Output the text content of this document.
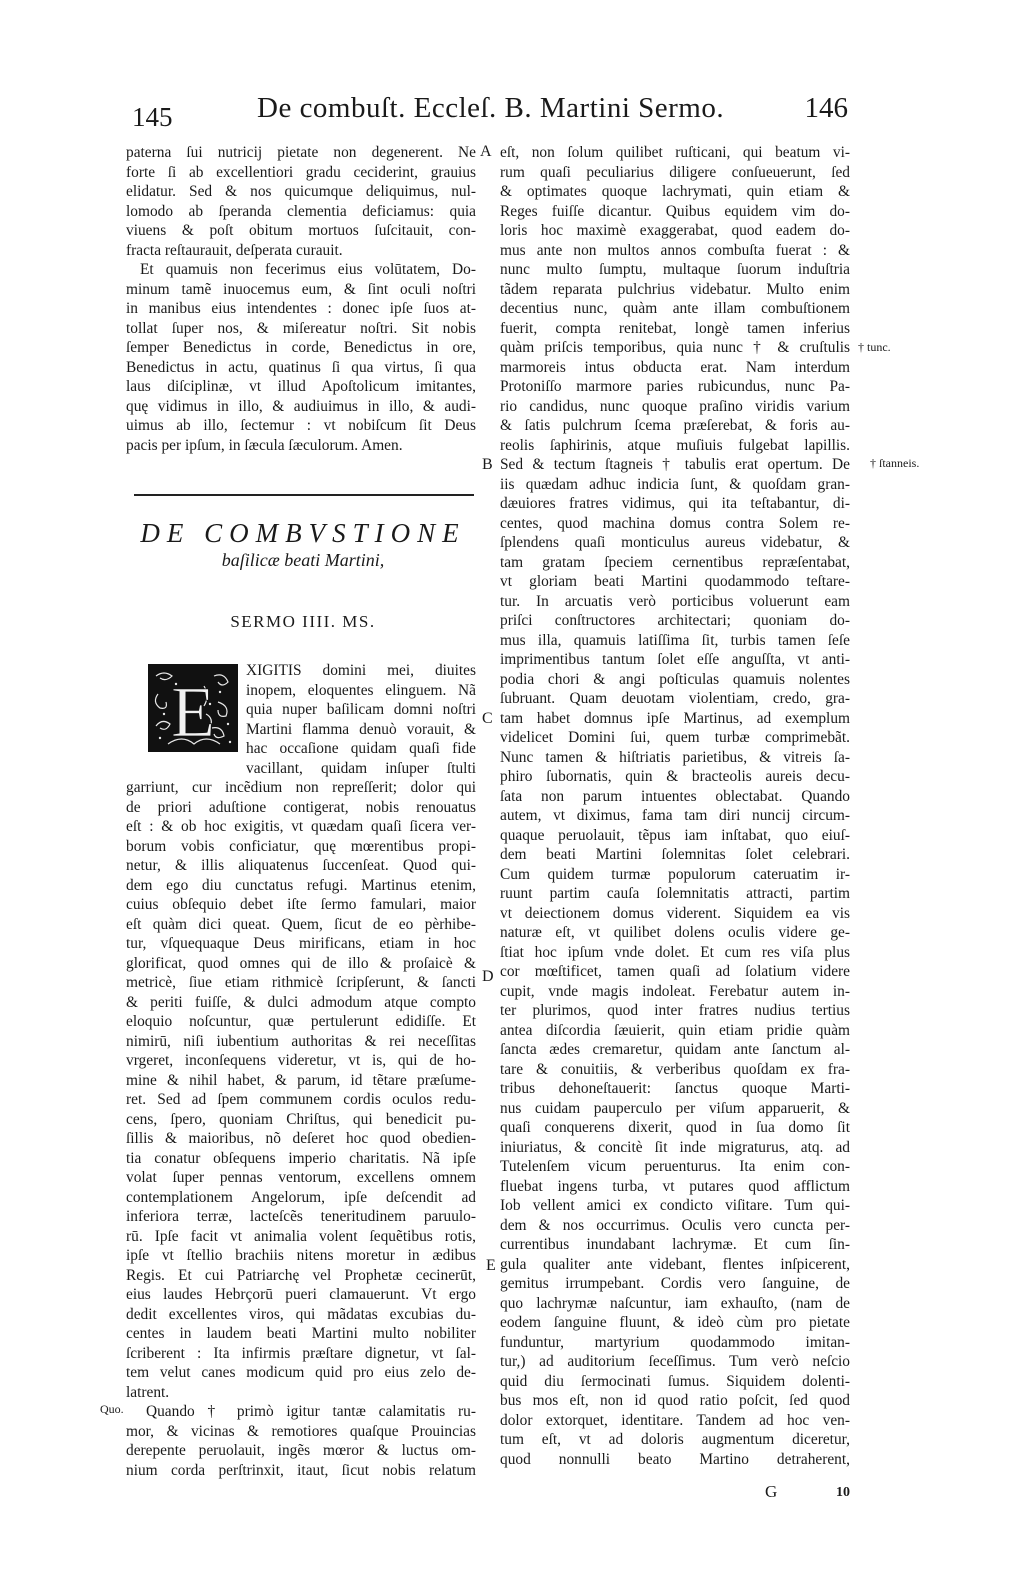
145	De combuſt. Eccleſ. B. Martini Sermo.	146
paterna ſui nutricij pietate non degenerent. Ne
forte ſi ab excellentiori gradu ceciderint, grauius
elidatur. Sed & nos quicumque deliquimus, nul-
lomodo ab ſperanda clementia deficiamus: quia
viuens & poſt obitum mortuos ſuſcitauit, con-
fracta reſtaurauit, deſperata curauit.
Et quamuis non fecerimus eius volūtatem, Do-
minum tamẽ inuocemus eum, & ſint oculi noſtri
in manibus eius intendentes : donec ipſe ſuos at-
tollat ſuper nos, & miſereatur noſtri. Sit nobis
ſemper Benedictus in corde, Benedictus in ore,
Benedictus in actu, quatinus ſi qua virtus, ſi qua
laus diſciplinæ, vt illud Apoſtolicum imitantes,
quę vidimus in illo, & audiuimus in illo, & audi-
uimus ab illo, ſectemur : vt nobiſcum ſit Deus
pacis per ipſum, in ſæcula ſæculorum. Amen.
DE COMBVSTIONE
baſilicæ beati Martini,
SERMO IIII. MS.
E
XIGITIS domini mei, diuites
inopem, eloquentes elinguem. Nã
quia nuper baſilicam domni noſtri
Martini flamma denuò vorauit, &
hac occaſione quidam quaſi fide
vacillant, quidam inſuper ſtulti
garriunt, cur incẽdium non repreſſerit; dolor qui
de priori aduſtione contigerat, nobis renouatus
eſt : & ob hoc exigitis, vt quædam quaſi ſicera ver-
borum vobis conficiatur, quę mœrentibus propi-
netur, & illis aliquatenus ſuccenſeat. Quod qui-
dem ego diu cunctatus refugi. Martinus etenim,
cuius obſequio debet iſte ſermo famulari, maior
eſt quàm dici queat. Quem, ſicut de eo pèrhibe-
tur, vſquequaque Deus mirificans, etiam in hoc
glorificat, quod omnes qui de illo & proſaicè &
metricè, ſiue etiam rithmicè ſcripſerunt, & ſancti
& periti fuiſſe, & dulci admodum atque compto
eloquio noſcuntur, quæ pertulerunt edidiſſe. Et
nimirū, niſi iubentium authoritas & rei neceſſitas
vrgeret, inconſequens videretur, vt is, qui de ho-
mine & nihil habet, & parum, id tẽtare præſume-
ret. Sed ad ſpem communem cordis oculos redu-
cens, ſpero, quoniam Chriſtus, qui benedicit pu-
ſillis & maioribus, nõ deſeret hoc quod obedien-
tia conatur obſequens imperio charitatis. Nã ipſe
volat ſuper pennas ventorum, excellens omnem
contemplationem Angelorum, ipſe deſcendit ad
inferiora terræ, lacteſcẽs teneritudinem paruulo-
rū. Ipſe facit vt animalia volent ſequẽtibus rotis,
ipſe vt ſtellio brachiis nitens moretur in ædibus
Regis. Et cui Patriarchę vel Prophetæ cecinerūt,
eius laudes Hebrçorū pueri clamauerunt. Vt ergo
dedit excellentes viros, qui mãdatas excubias du-
centes in laudem beati Martini multo nobiliter
ſcriberent : Ita infirmis præſtare dignetur, vt ſal-
tem velut canes modicum quid pro eius zelo de-
latrent.
Quando † primò igitur tantæ calamitatis ru-
mor, & vicinas & remotiores quaſque Prouincias
derepente peruolauit, ingẽs mœror & luctus om-
nium corda perſtrinxit, itaut, ſicut nobis relatum
Quo.
eſt, non ſolum quilibet ruſticani, qui beatum vi-
rum quaſi peculiarius diligere conſueuerunt, ſed
& optimates quoque lachrymati, quin etiam &
Reges fuiſſe dicantur. Quibus equidem vim do-
loris hoc maximè exaggerabat, quod eadem do-
mus ante non multos annos combuſta fuerat : &
nunc multo ſumptu, multaque ſuorum induſtria
tãdem reparata pulchrius videbatur. Multo enim
decentius nunc, quàm ante illam combuſtionem
fuerit, compta renitebat, longè tamen inferius
quàm priſcis temporibus, quia nunc † & cruſtulis
marmoreis intus obducta erat. Nam interdum
Protoniſſo marmore paries rubicundus, nunc Pa-
rio candidus, nunc quoque praſino viridis varium
& ſatis pulchrum ſcema præſerebat, & foris au-
reolis ſaphirinis, atque muſiuis fulgebat lapillis.
Sed & tectum ſtagneis † tabulis erat opertum. De
iis quædam adhuc indicia ſunt, & quoſdam gran-
dæuiores fratres vidimus, qui ita teſtabantur, di-
centes, quod machina domus contra Solem re-
ſplendens quaſi monticulus aureus videbatur, &
tam gratam ſpeciem cernentibus repræſentabat,
vt gloriam beati Martini quodammodo teſtare-
tur. In arcuatis verò porticibus voluerunt eam
priſci conſtructores architectari; quoniam do-
mus illa, quamuis latiſſima ſit, turbis tamen ſeſe
imprimentibus tantum ſolet eſſe anguſſta, vt anti-
podia chori & angi poſticulas quamuis nolentes
ſubruant. Quam deuotam violentiam, credo, gra-
tam habet domnus ipſe Martinus, ad exemplum
videlicet Domini ſui, quem turbæ comprimebãt.
Nunc tamen & hiſtriatis parietibus, & vitreis ſa-
phiro ſubornatis, quin & bracteolis aureis decu-
ſata non parum intuentes oblectabat. Quando
autem, vt diximus, fama tam diri nuncij circum-
quaque peruolauit, tẽpus iam inſtabat, quo eiuſ-
dem beati Martini ſolemnitas ſolet celebrari.
Cum quidem turmæ populorum cateruatim ir-
ruunt partim cauſa ſolemnitatis attracti, partim
vt deiectionem domus viderent. Siquidem ea vis
naturæ eſt, vt quilibet dolens oculis videre ge-
ſtiat hoc ipſum vnde dolet. Et cum res viſa plus
cor mœſtificet, tamen quaſi ad ſolatium videre
cupit, vnde magis indoleat. Ferebatur autem in-
ter plurimos, quod inter fratres nudius tertius
antea diſcordia ſæuierit, quin etiam pridie quàm
ſancta ædes cremaretur, quidam ante ſanctum al-
tare & conuitiis, & verberibus quoſdam ex fra-
tribus dehoneſtauerit: ſanctus quoque Marti-
nus cuidam pauperculo per viſum apparuerit, &
quaſi conquerens dixerit, quod in ſua domo ſit
iniuriatus, & concitè ſit inde migraturus, atq. ad
Tutelenſem vicum peruenturus. Ita enim con-
fluebat ingens turba, vt putares quod afflictum
Iob vellent amici ex condicto viſitare. Tum qui-
dem & nos occurrimus. Oculis vero cuncta per-
currentibus inundabant lachrymæ. Et cum ſin-
gula qualiter ante videbant, flentes inſpicerent,
gemitus irrumpebant. Cordis vero ſanguine, de
quo lachrymæ naſcuntur, iam exhauſto, (nam de
eodem ſanguine fluunt, & ideò cùm pro pietate
funduntur, martyrium quodammodo imitan-
tur,) ad auditorium ſeceſſimus. Tum verò neſcio
quid diu ſermocinati ſumus. Siquidem dolenti-
bus mos eſt, non id quod ratio poſcit, ſed quod
dolor extorquet, identitare. Tandem ad hoc ven-
tum eſt, vt ad doloris augmentum diceretur,
quod nonnulli beato Martino detraherent,
† tunc.
† ſtanneis.
A
B
C
D
E
G	10
